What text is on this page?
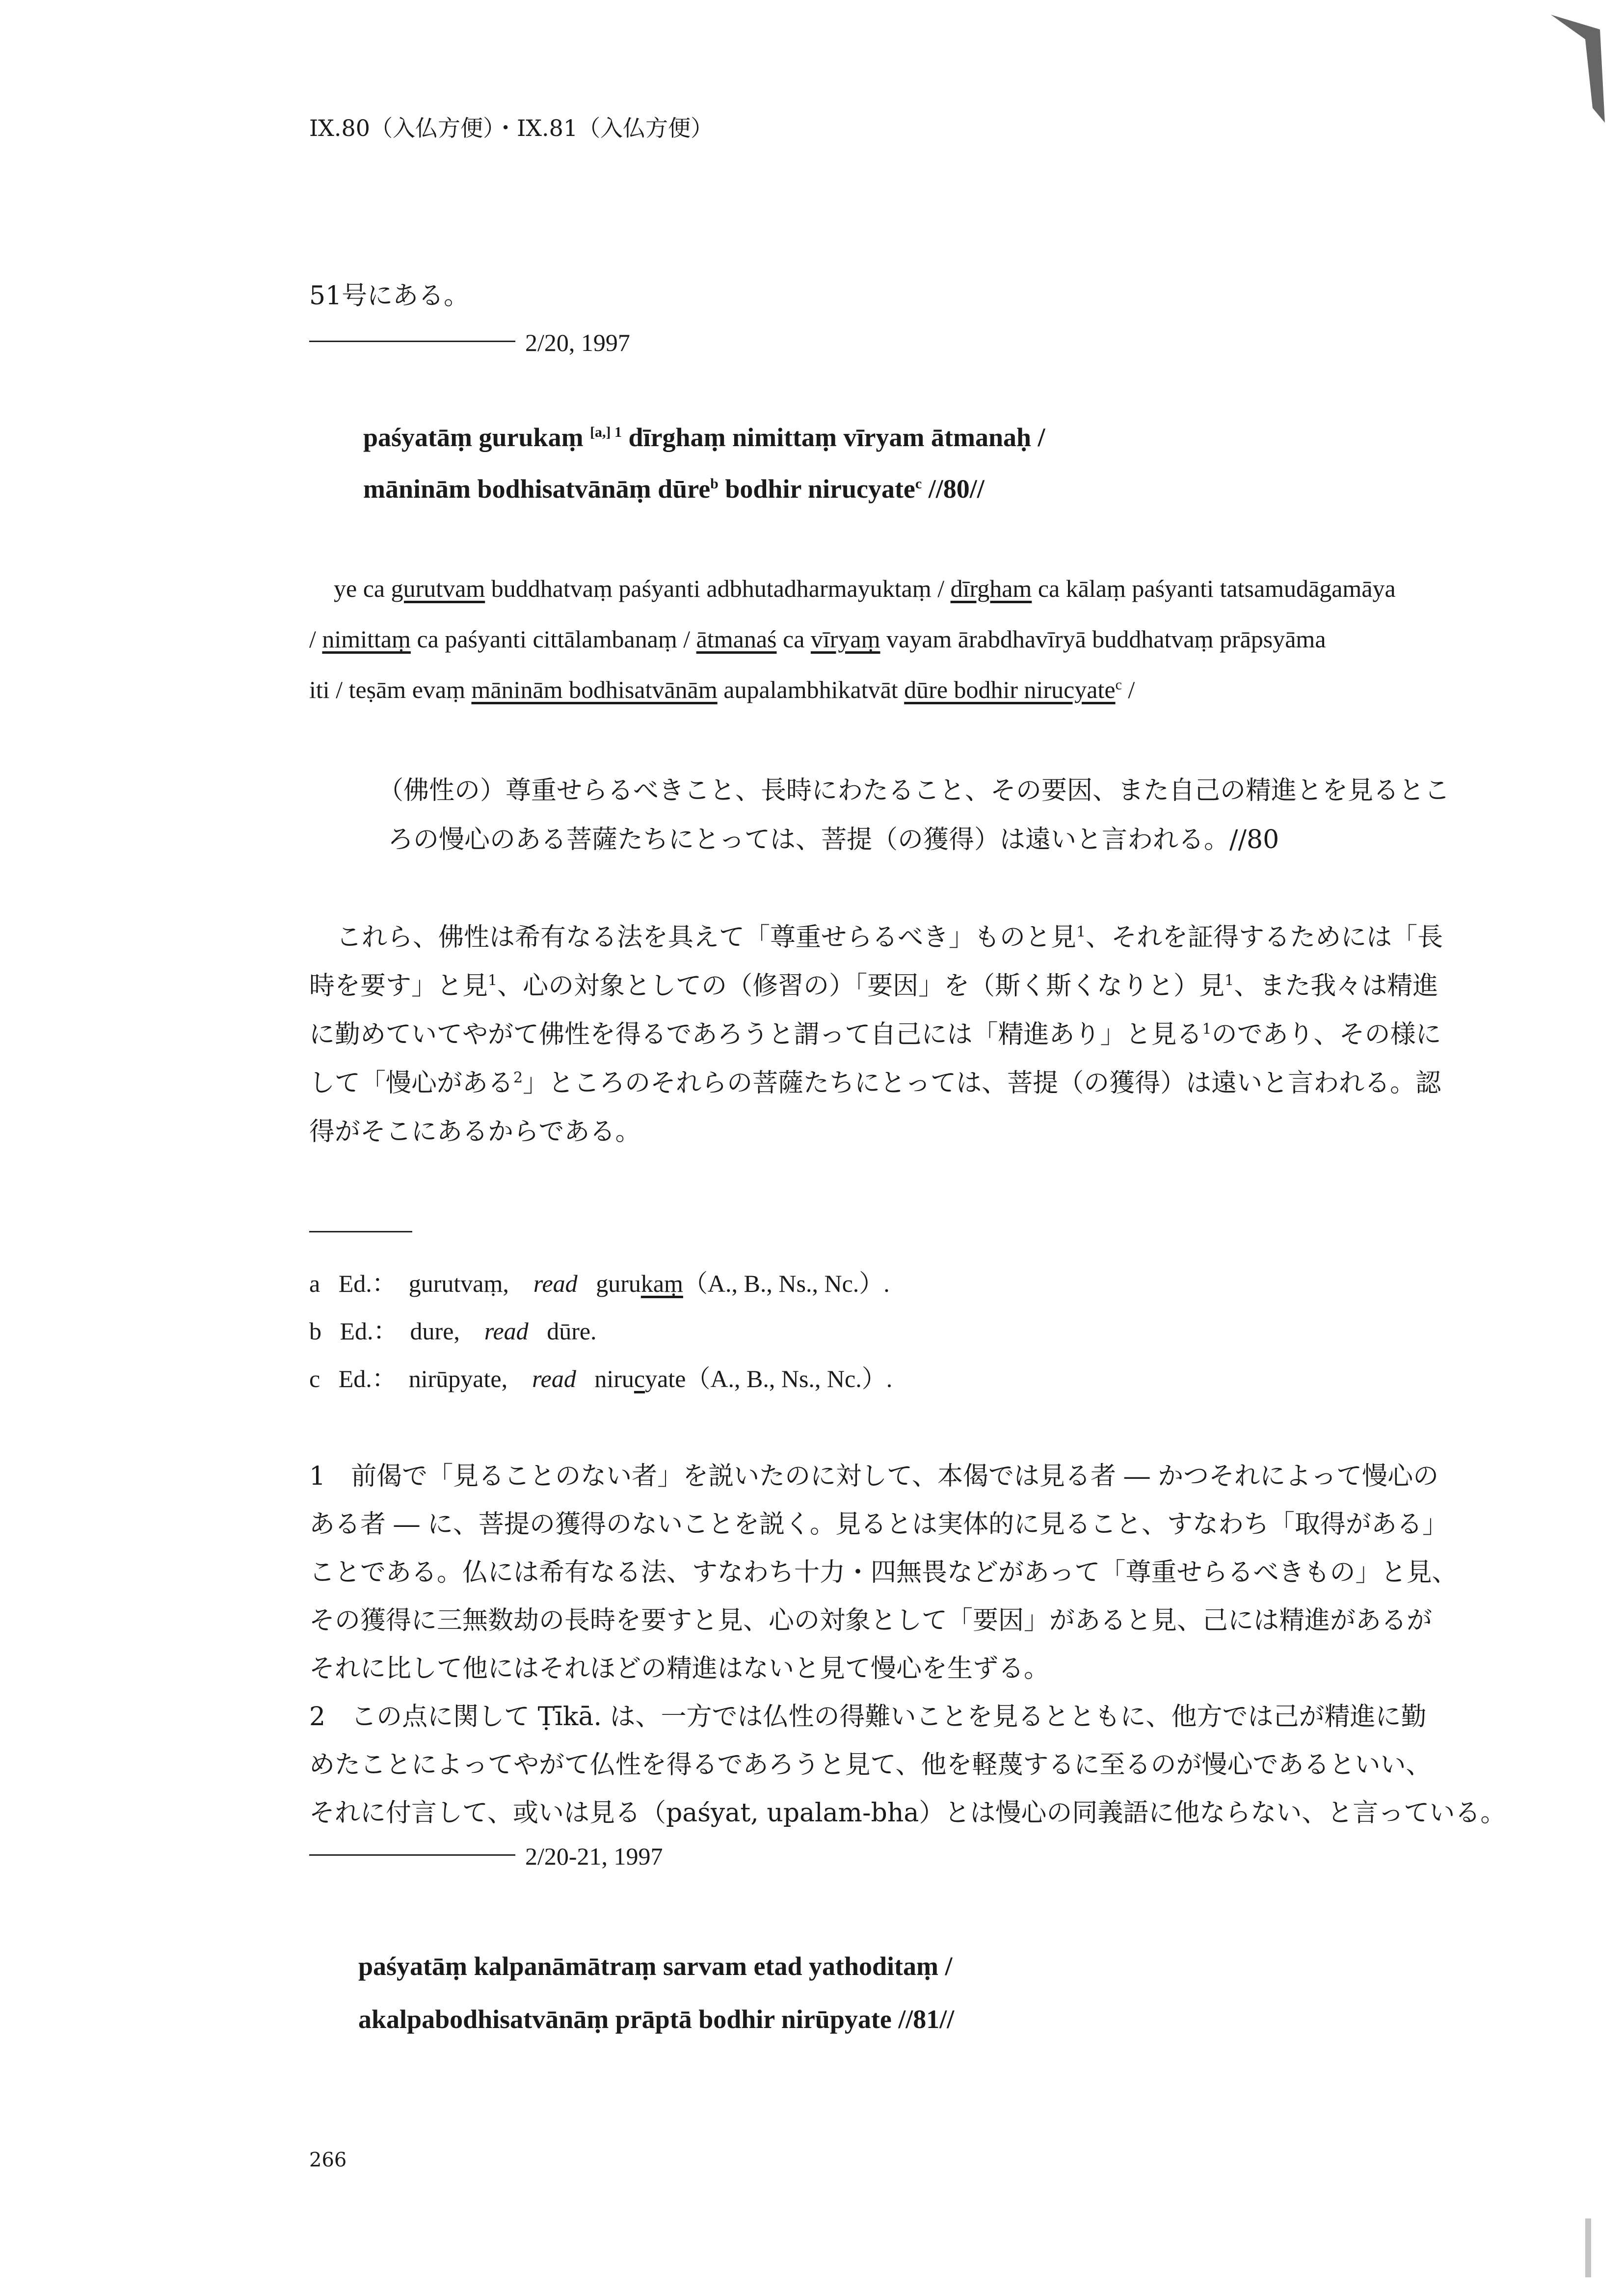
IX.80（入仏方便）・IX.81（入仏方便）
51号にある。
2/20, 1997
paśyatāṃ gurukaṃ $^{[a,] 1}$ dīrghaṃ nimittaṃ vīryam ātmanaḥ /
māninām bodhisatvānāṃ dūre$^b$ bodhir nirucyate$^c$ //80//
ye ca gurutvam buddhatvaṃ paśyanti adbhutadharmayuktaṃ / dīrgham ca kālaṃ paśyanti tatsamudāgamāya
/ nimittaṃ ca paśyanti cittālambanaṃ / ātmanaś ca vīryaṃ vayam ārabdhavīryā buddhatvaṃ prāpsyāma
iti / teṣām evaṃ māninām bodhisatvānām aupalambhikatvāt dūre bodhir nirucyate$^c$ /
（佛性の）尊重せらるべきこと、長時にわたること、その要因、また自己の精進とを見るとこ
ろの慢心のある菩薩たちにとっては、菩提（の獲得）は遠いと言われる。//80
これら、佛性は希有なる法を具えて「尊重せらるべき」ものと見$^1$、それを証得するためには「長
時を要す」と見$^1$、心の対象としての（修習の）「要因」を（斯く斯くなりと）見$^1$、また我々は精進
に勤めていてやがて佛性を得るであろうと謂って自己には「精進あり」と見る$^1$のであり、その様に
して「慢心がある$^2$」ところのそれらの菩薩たちにとっては、菩提（の獲得）は遠いと言われる。認
得がそこにあるからである。
a Ed.： gurutvaṃ, read gurukaṃ（A., B., Ns., Nc.）.
b Ed.： dure, read dūre.
c Ed.： nirūpyate, read nirucyate（A., B., Ns., Nc.）.
1　前偈で「見ることのない者」を説いたのに対して、本偈では見る者 ― かつそれによって慢心の
ある者 ― に、菩提の獲得のないことを説く。見るとは実体的に見ること、すなわち「取得がある」
ことである。仏には希有なる法、すなわち十力・四無畏などがあって「尊重せらるべきもの」と見、
その獲得に三無数劫の長時を要すと見、心の対象として「要因」があると見、己には精進があるが
それに比して他にはそれほどの精進はないと見て慢心を生ずる。
2　この点に関して Ṭīkā. は、一方では仏性の得難いことを見るとともに、他方では己が精進に勤
めたことによってやがて仏性を得るであろうと見て、他を軽蔑するに至るのが慢心であるといい、
それに付言して、或いは見る（paśyat, upalam-bha）とは慢心の同義語に他ならない、と言っている。
2/20-21, 1997
paśyatāṃ kalpanāmātraṃ sarvam etad yathoditaṃ /
akalpabodhisatvānāṃ prāptā bodhir nirūpyate //81//
266
